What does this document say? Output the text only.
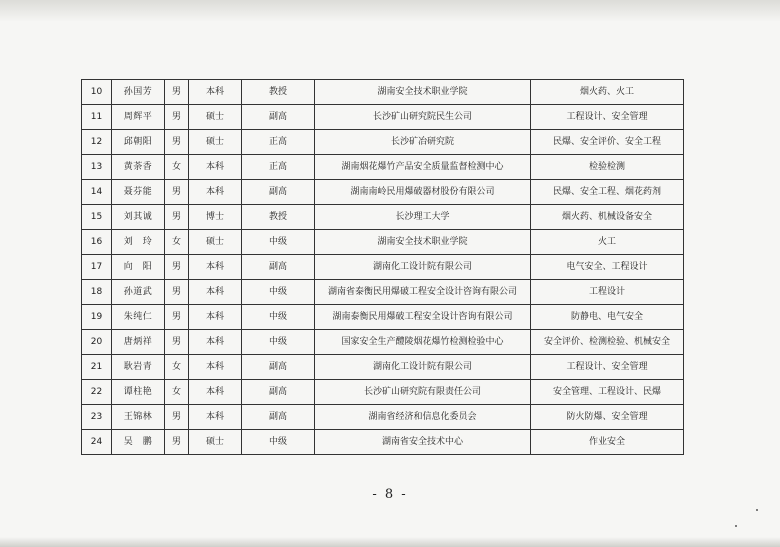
10	孙国芳	男	本科	教授	湖南安全技术职业学院	烟火药、火工
11	周辉平	男	硕士	副高	长沙矿山研究院民生公司	工程设计、安全管理
12	邱朝阳	男	硕士	正高	长沙矿冶研究院	民爆、安全评价、安全工程
13	黄荼香	女	本科	正高	湖南烟花爆竹产品安全质量监督检测中心	检验检测
14	聂芬能	男	本科	副高	湖南南岭民用爆破器材股份有限公司	民爆、安全工程、烟花药剂
15	刘其诚	男	博士	教授	长沙理工大学	烟火药、机械设备安全
16	刘　玲	女	硕士	中级	湖南安全技术职业学院	火工
17	向　阳	男	本科	副高	湖南化工设计院有限公司	电气安全、工程设计
18	孙道武	男	本科	中级	湖南省泰衡民用爆破工程安全设计咨询有限公司	工程设计
19	朱纯仁	男	本科	中级	湖南泰衡民用爆破工程安全设计咨询有限公司	防静电、电气安全
20	唐炳祥	男	本科	中级	国家安全生产醴陵烟花爆竹检测检验中心	安全评价、检测检验、机械安全
21	耿岩青	女	本科	副高	湖南化工设计院有限公司	工程设计、安全管理
22	谭柱艳	女	本科	副高	长沙矿山研究院有限责任公司	安全管理、工程设计、民爆
23	王锦林	男	本科	副高	湖南省经济和信息化委员会	防火防爆、安全管理
24	吴　鹏	男	硕士	中级	湖南省安全技术中心	作业安全
- 8 -
